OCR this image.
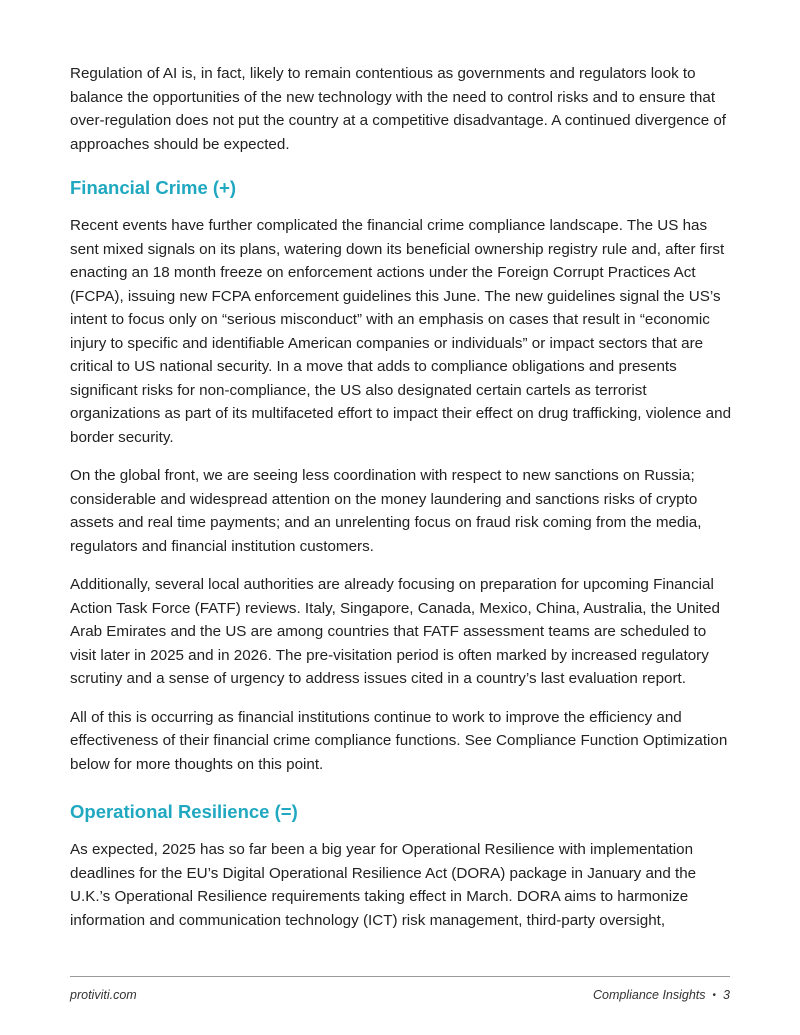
Regulation of AI is, in fact, likely to remain contentious as governments and regulators look to balance the opportunities of the new technology with the need to control risks and to ensure that over-regulation does not put the country at a competitive disadvantage. A continued divergence of approaches should be expected.

Financial Crime (+)

Recent events have further complicated the financial crime compliance landscape. The US has sent mixed signals on its plans, watering down its beneficial ownership registry rule and, after first enacting an 18 month freeze on enforcement actions under the Foreign Corrupt Practices Act (FCPA), issuing new FCPA enforcement guidelines this June. The new guidelines signal the US’s intent to focus only on “serious misconduct” with an emphasis on cases that result in “economic injury to specific and identifiable American companies or individuals” or impact sectors that are critical to US national security. In a move that adds to compliance obligations and presents significant risks for non-compliance, the US also designated certain cartels as terrorist organizations as part of its multifaceted effort to impact their effect on drug trafficking, violence and border security.

On the global front, we are seeing less coordination with respect to new sanctions on Russia; considerable and widespread attention on the money laundering and sanctions risks of crypto assets and real time payments; and an unrelenting focus on fraud risk coming from the media, regulators and financial institution customers.

Additionally, several local authorities are already focusing on preparation for upcoming Financial Action Task Force (FATF) reviews. Italy, Singapore, Canada, Mexico, China, Australia, the United Arab Emirates and the US are among countries that FATF assessment teams are scheduled to visit later in 2025 and in 2026. The pre-visitation period is often marked by increased regulatory scrutiny and a sense of urgency to address issues cited in a country’s last evaluation report.

All of this is occurring as financial institutions continue to work to improve the efficiency and effectiveness of their financial crime compliance functions. See Compliance Function Optimization below for more thoughts on this point.

Operational Resilience (=)

As expected, 2025 has so far been a big year for Operational Resilience with implementation deadlines for the EU’s Digital Operational Resilience Act (DORA) package in January and the U.K.’s Operational Resilience requirements taking effect in March. DORA aims to harmonize information and communication technology (ICT) risk management, third-party oversight,

protiviti.com	Compliance Insights • 3
